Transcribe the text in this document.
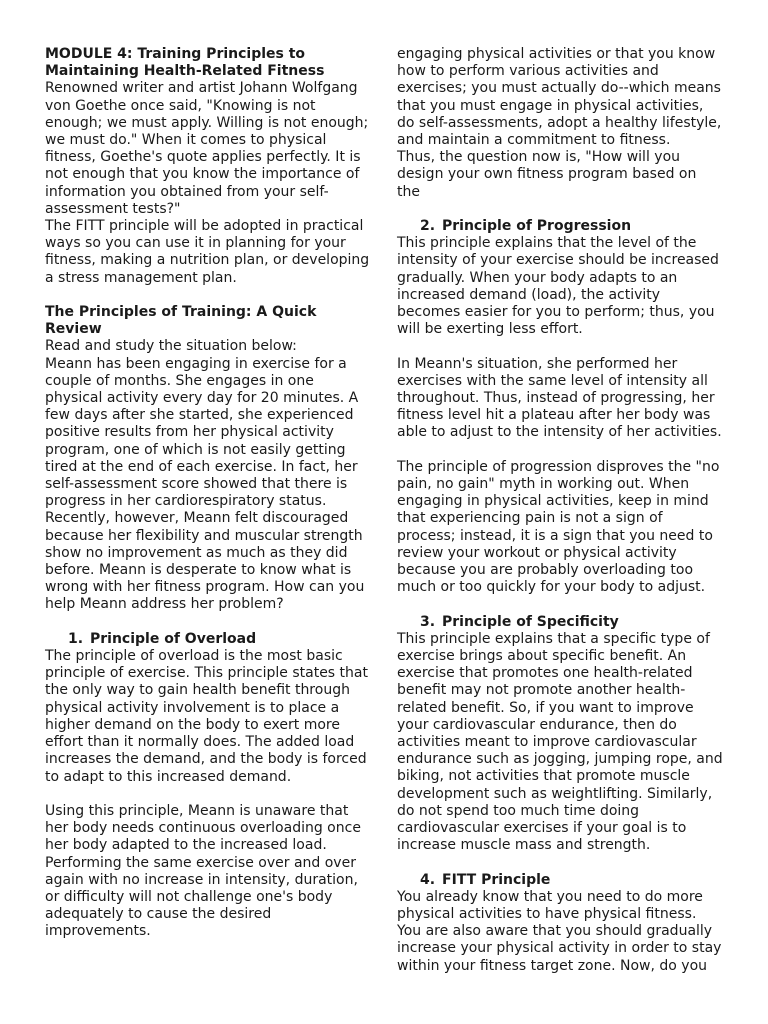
MODULE 4: Training Principles to Maintaining Health-Related Fitness

Renowned writer and artist Johann Wolfgang von Goethe once said, "Knowing is not enough; we must apply. Willing is not enough; we must do." When it comes to physical fitness, Goethe's quote applies perfectly. It is not enough that you know the importance of information you obtained from your self-assessment tests?"

The FITT principle will be adopted in practical ways so you can use it in planning for your fitness, making a nutrition plan, or developing a stress management plan.

The Principles of Training: A Quick Review

Read and study the situation below:

Meann has been engaging in exercise for a couple of months. She engages in one physical activity every day for 20 minutes. A few days after she started, she experienced positive results from her physical activity program, one of which is not easily getting tired at the end of each exercise. In fact, her self-assessment score showed that there is progress in her cardiorespiratory status. Recently, however, Meann felt discouraged because her flexibility and muscular strength show no improvement as much as they did before. Meann is desperate to know what is wrong with her fitness program. How can you help Meann address her problem?

1. Principle of Overload

The principle of overload is the most basic principle of exercise. This principle states that the only way to gain health benefit through physical activity involvement is to place a higher demand on the body to exert more effort than it normally does. The added load increases the demand, and the body is forced to adapt to this increased demand.

Using this principle, Meann is unaware that her body needs continuous overloading once her body adapted to the increased load. Performing the same exercise over and over again with no increase in intensity, duration, or difficulty will not challenge one's body adequately to cause the desired improvements.

engaging physical activities or that you know how to perform various activities and exercises; you must actually do--which means that you must engage in physical activities, do self-assessments, adopt a healthy lifestyle, and maintain a commitment to fitness.

Thus, the question now is, "How will you design your own fitness program based on the

2. Principle of Progression

This principle explains that the level of the intensity of your exercise should be increased gradually. When your body adapts to an increased demand (load), the activity becomes easier for you to perform; thus, you will be exerting less effort.

In Meann's situation, she performed her exercises with the same level of intensity all throughout. Thus, instead of progressing, her fitness level hit a plateau after her body was able to adjust to the intensity of her activities.

The principle of progression disproves the "no pain, no gain" myth in working out. When engaging in physical activities, keep in mind that experiencing pain is not a sign of process; instead, it is a sign that you need to review your workout or physical activity because you are probably overloading too much or too quickly for your body to adjust.

3. Principle of Specificity

This principle explains that a specific type of exercise brings about specific benefit. An exercise that promotes one health-related benefit may not promote another health-related benefit. So, if you want to improve your cardiovascular endurance, then do activities meant to improve cardiovascular endurance such as jogging, jumping rope, and biking, not activities that promote muscle development such as weightlifting. Similarly, do not spend too much time doing cardiovascular exercises if your goal is to increase muscle mass and strength.

4. FITT Principle

You already know that you need to do more physical activities to have physical fitness. You are also aware that you should gradually increase your physical activity in order to stay within your fitness target zone. Now, do you
